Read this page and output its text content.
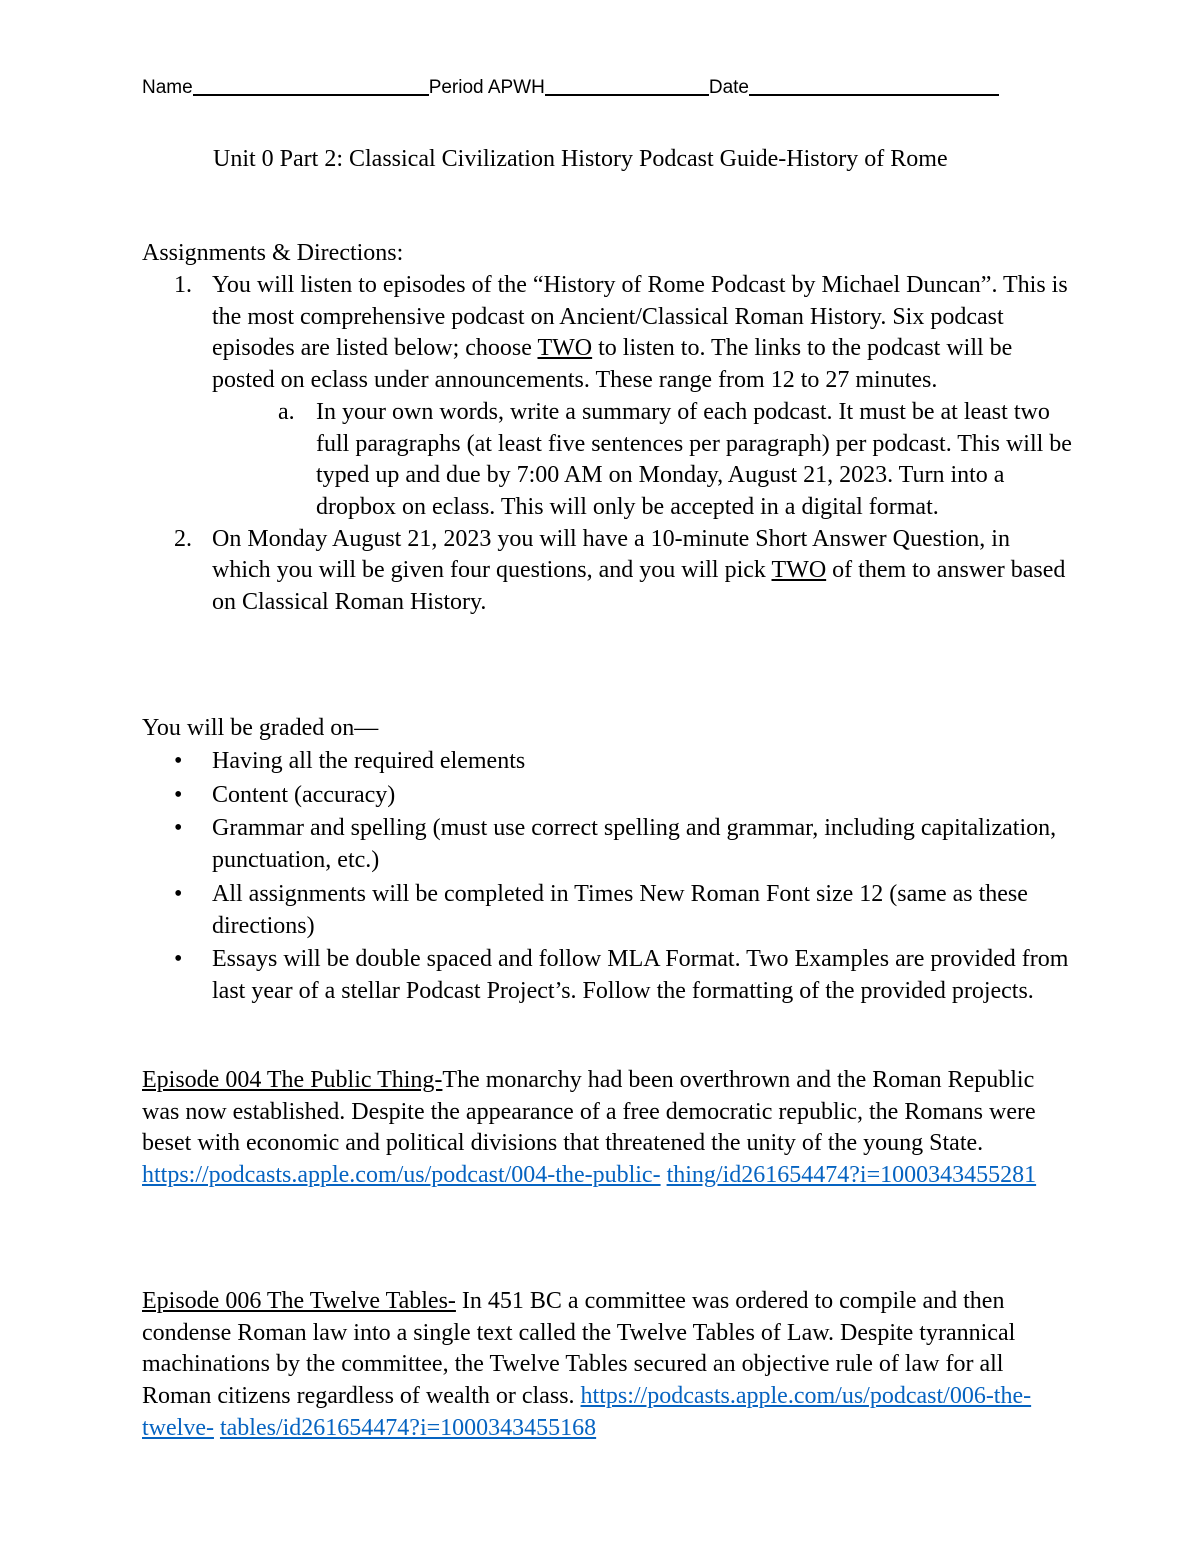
Name	Period APWH	Date
Unit 0 Part 2: Classical Civilization History Podcast Guide-History of Rome
Assignments & Directions:
1. You will listen to episodes of the “History of Rome Podcast by Michael Duncan”. This is the most comprehensive podcast on Ancient/Classical Roman History. Six podcast episodes are listed below; choose TWO to listen to. The links to the podcast will be posted on eclass under announcements. These range from 12 to 27 minutes.
a. In your own words, write a summary of each podcast. It must be at least two full paragraphs (at least five sentences per paragraph) per podcast. This will be typed up and due by 7:00 AM on Monday, August 21, 2023. Turn into a dropbox on eclass. This will only be accepted in a digital format.
2. On Monday August 21, 2023 you will have a 10-minute Short Answer Question, in which you will be given four questions, and you will pick TWO of them to answer based on Classical Roman History.
You will be graded on—
• Having all the required elements
• Content (accuracy)
• Grammar and spelling (must use correct spelling and grammar, including capitalization, punctuation, etc.)
• All assignments will be completed in Times New Roman Font size 12 (same as these directions)
• Essays will be double spaced and follow MLA Format. Two Examples are provided from last year of a stellar Podcast Project’s. Follow the formatting of the provided projects.
Episode 004 The Public Thing-The monarchy had been overthrown and the Roman Republic was now established. Despite the appearance of a free democratic republic, the Romans were beset with economic and political divisions that threatened the unity of the young State. https://podcasts.apple.com/us/podcast/004-the-public- thing/id261654474?i=1000343455281
Episode 006 The Twelve Tables- In 451 BC a committee was ordered to compile and then condense Roman law into a single text called the Twelve Tables of Law. Despite tyrannical machinations by the committee, the Twelve Tables secured an objective rule of law for all Roman citizens regardless of wealth or class. https://podcasts.apple.com/us/podcast/006-the-twelve- tables/id261654474?i=1000343455168
